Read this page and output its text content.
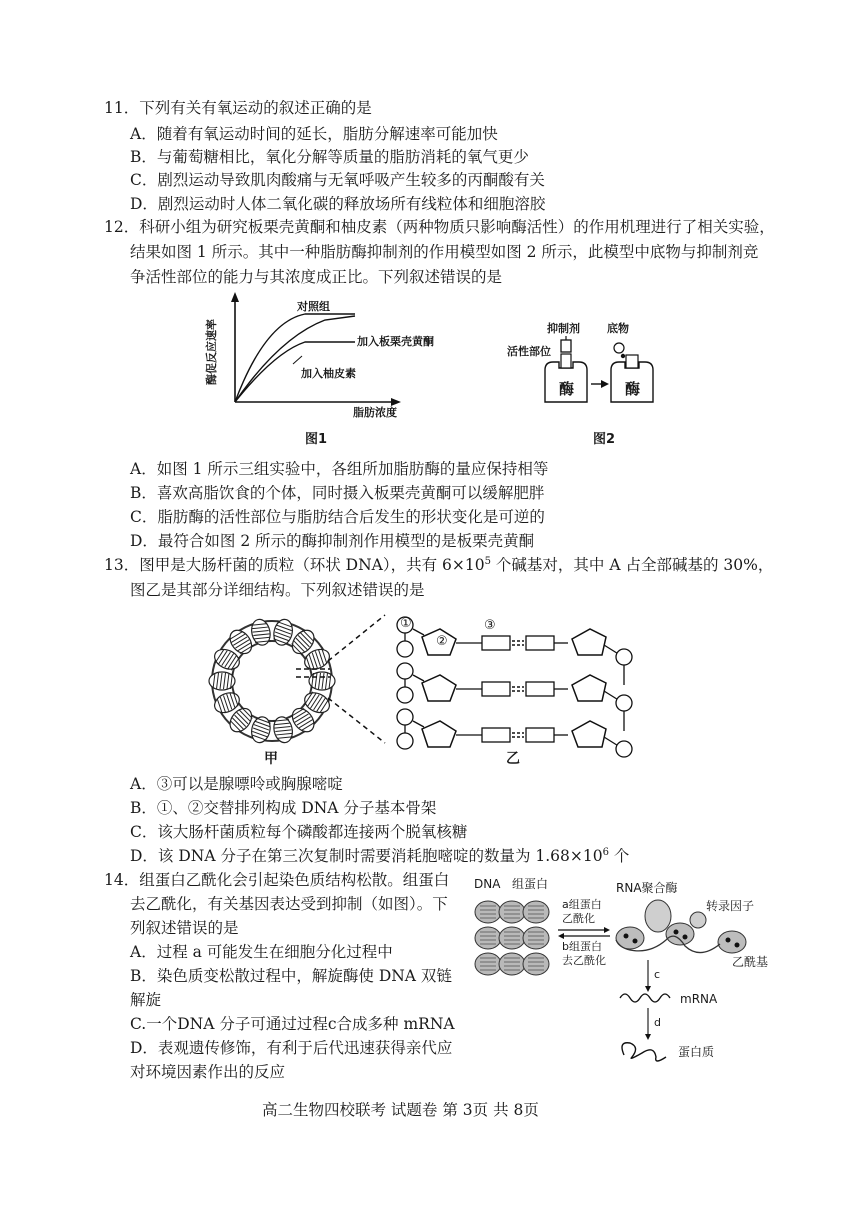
11．下列有关有氧运动的叙述正确的是
A．随着有氧运动时间的延长，脂肪分解速率可能加快
B．与葡萄糖相比，氧化分解等质量的脂肪消耗的氧气更少
C．剧烈运动导致肌肉酸痛与无氧呼吸产生较多的丙酮酸有关
D．剧烈运动时人体二氧化碳的释放场所有线粒体和细胞溶胶
12．科研小组为研究板栗壳黄酮和柚皮素（两种物质只影响酶活性）的作用机理进行了相关实验，
结果如图 1 所示。其中一种脂肪酶抑制剂的作用模型如图 2 所示，此模型中底物与抑制剂竞
争活性部位的能力与其浓度成正比。下列叙述错误的是
酶促反应速率
脂肪浓度
对照组
加入板栗壳黄酮
加入柚皮素
图1
抑制剂 底物
活性部位
酶	酶
图2
A．如图 1 所示三组实验中，各组所加脂肪酶的量应保持相等
B．喜欢高脂饮食的个体，同时摄入板栗壳黄酮可以缓解肥胖
C．脂肪酶的活性部位与脂肪结合后发生的形状变化是可逆的
D．最符合如图 2 所示的酶抑制剂作用模型的是板栗壳黄酮
13．图甲是大肠杆菌的质粒（环状 DNA），共有 $6\times 10^5$ 个碱基对，其中 A 占全部碱基的 30%，
图乙是其部分详细结构。下列叙述错误的是
①
②
③
甲	乙
A．③可以是腺嘌呤或胸腺嘧啶
B．①、②交替排列构成 DNA 分子基本骨架
C．该大肠杆菌质粒每个磷酸都连接两个脱氧核糖
D．该 DNA 分子在第三次复制时需要消耗胞嘧啶的数量为 $1.68\times 10^6$ 个
14．组蛋白乙酰化会引起染色质结构松散。组蛋白
去乙酰化，有关基因表达受到抑制（如图）。下
列叙述错误的是
A．过程 a 可能发生在细胞分化过程中
B．染色质变松散过程中，解旋酶使 DNA 双链
解旋
C.一个DNA 分子可通过过程c合成多种 mRNA
D．表观遗传修饰，有利于后代迅速获得亲代应
对环境因素作出的反应
DNA 组蛋白
a组蛋白
乙酰化
b组蛋白
去乙酰化
RNA聚合酶
转录因子
乙酰基
c
mRNA
d
蛋白质
高二生物四校联考 试题卷 第 3页 共 8页
